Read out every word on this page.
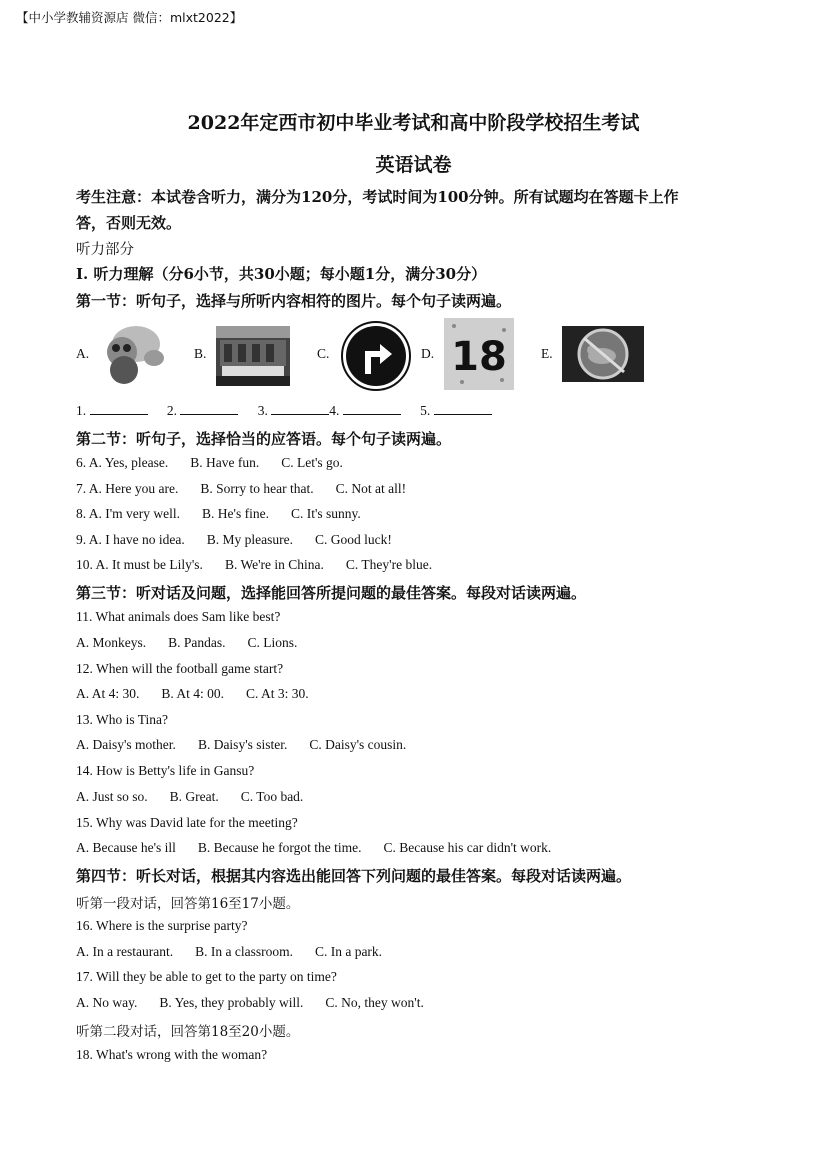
【中小学教辅资源店 微信：mlxt2022】
2022年定西市初中毕业考试和高中阶段学校招生考试
英语试卷
考生注意：本试卷含听力，满分为120分，考试时间为100分钟。所有试题均在答题卡上作
答，否则无效。
听力部分
I. 听力理解（分6小节，共30小题；每小题1分，满分30分）
第一节：听句子，选择与所听内容相符的图片。每个句子读两遍。
A.	B.	C.	D. 18	E.
1.	2.	3.	4.	5.
第二节：听句子，选择恰当的应答语。每个句子读两遍。
6. A. Yes, please. B. Have fun. C. Let's go.
7. A. Here you are. B. Sorry to hear that. C. Not at all!
8. A. I'm very well. B. He's fine. C. It's sunny.
9. A. I have no idea. B. My pleasure. C. Good luck!
10. A. It must be Lily's. B. We're in China. C. They're blue.
第三节：听对话及问题，选择能回答所提问题的最佳答案。每段对话读两遍。
11. What animals does Sam like best?
A. Monkeys. B. Pandas. C. Lions.
12. When will the football game start?
A. At 4: 30. B. At 4: 00. C. At 3: 30.
13. Who is Tina?
A. Daisy's mother. B. Daisy's sister. C. Daisy's cousin.
14. How is Betty's life in Gansu?
A. Just so so. B. Great. C. Too bad.
15. Why was David late for the meeting?
A. Because he's ill B. Because he forgot the time. C. Because his car didn't work.
第四节：听长对话，根据其内容选出能回答下列问题的最佳答案。每段对话读两遍。
听第一段对话，回答第16至17小题。
16. Where is the surprise party?
A. In a restaurant. B. In a classroom. C. In a park.
17. Will they be able to get to the party on time?
A. No way. B. Yes, they probably will. C. No, they won't.
听第二段对话，回答第18至20小题。
18. What's wrong with the woman?
